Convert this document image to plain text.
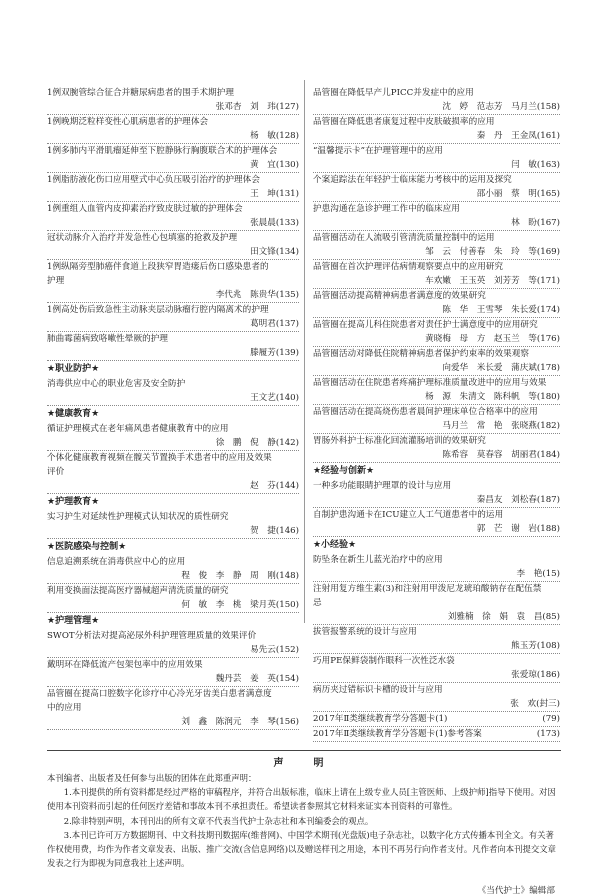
1例双腕管综合征合并糖尿病患者的围手术期护理
张邓杏　刘　玮(127)
1例晚期泛粒样变性心肌病患者的护理体会
杨　敏(128)
1例多肺内平滑肌瘤延伸至下腔静脉行胸腹联合术的护理体会
黄　宜(130)
1例脂肪液化伤口应用壁式中心负压吸引治疗的护理体会
王　坤(131)
1例重组人血管内皮抑素治疗致皮肤过敏的护理体会
张晨晨(133)
冠状动脉介入治疗并发急性心包填塞的抢救及护理
田文锋(134)
1例纵隔旁型肺癌伴食道上段狭窄胃造瘘后伤口感染患者的
护理
李代兆　陈贵华(135)
1例高处伤后致急性主动脉夹层动脉瘤行腔内隔离术的护理
葛明君(137)
肺曲霉菌病致咯嗽性晕厥的护理
滕履芳(139)
★职业防护★
消毒供应中心的职业危害及安全防护
王文艺(140)
★健康教育★
循证护理模式在老年痛风患者健康教育中的应用
徐　鹏　倪　静(142)
个体化健康教育视频在髋关节置换手术患者中的应用及效果
评价
赵　芬(144)
★护理教育★
实习护生对延续性护理模式认知状况的质性研究
贺　捷(146)
★医院感染与控制★
信息追溯系统在消毒供应中心的应用
程　俊　李　静　周　刚(148)
利用变换面法提高医疗器械超声清洗质量的研究
何　敏　李　桃　梁月英(150)
★护理管理★
SWOT分析法对提高泌尿外科护理管理质量的效果评价
易先云(152)
戴明环在降低流产包架包率中的应用效果
魏丹芸　姜　英(154)
品管圈在提高口腔数字化诊疗中心冷光牙齿美白患者满意度
中的应用
刘　鑫　陈润元　李　琴(156)
品管圈在降低早产儿PICC并发症中的应用
沈　婷　范志芳　马月兰(158)
品管圈在降低患者康复过程中皮肤破损率的应用
秦　丹　王金凤(161)
“温馨提示卡”在护理管理中的应用
闫　敏(163)
个案追踪法在年轻护士临床能力考核中的运用及探究
邵小丽　蔡　明(165)
护患沟通在急诊护理工作中的临床应用
林　盼(167)
品管圈活动在人流吸引管清洗质量控制中的运用
邹　云　付善春　朱　玲　等(169)
品管圈在首次护理评估病情观察要点中的应用研究
车欢嫩　王玉英　刘芳芳　等(171)
品管圈活动提高精神病患者满意度的效果研究
陈　华　王雪琴　朱长爱(174)
品管圈在提高儿科住院患者对责任护士满意度中的应用研究
黄晓梅　母　方　赵玉兰　等(176)
品管圈活动对降低住院精神病患者保护约束率的效果观察
向爱华　米长爱　蒲庆斌(178)
品管圈活动在住院患者疼痛护理标准质量改进中的应用与效果
杨　源　朱清文　陈科帆　等(180)
品管圈活动在提高烧伤患者晨间护理床单位合格率中的应用
马月兰　常　艳　张晓燕(182)
胃肠外科护士标准化回流灌肠培训的效果研究
陈希容　莫春容　胡丽君(184)
★经验与创新★
一种多功能眼睛护理罩的设计与应用
秦昌友　刘松春(187)
自制护患沟通卡在ICU建立人工气道患者中的运用
郭　芒　谢　岩(188)
★小经验★
防坠条在新生儿蓝光治疗中的应用
李　艳(15)
注射用复方维生素(3)和注射用甲泼尼龙琥珀酸钠存在配伍禁
忌
刘雅楠　徐　娟　袁　昌(85)
拔管报警系统的设计与应用
熊玉芳(108)
巧用PE保鲜袋制作眼科一次性泛水袋
张爱琼(186)
病历夹过错标识卡槽的设计与应用
张　欢(封三)
2017年Ⅱ类继续教育学分答题卡(1)	(79)
2017年Ⅱ类继续教育学分答题卡(1)参考答案	(173)
声　明

本刊编者、出版者及任何参与出版的团体在此郑重声明：

1.本刊提供的所有资料都是经过严格的审稿程序，并符合出版标准，临床上请在上级专业人员[主管医师、上级护师]指导下使用。对因使用本刊资料而引起的任何医疗差错和事故本刊不承担责任。希望读者参照其它材料来证实本刊资料的可靠性。

2.除非特别声明，本刊刊出的所有文章不代表当代护士杂志社和本刊编委会的观点。

3.本刊已许可万方数据期刊、中文科技期刊数据库(维普网)、中国学术期刊(光盘版)电子杂志社，以数字化方式传播本刊全文。有关著作权使用费，均作为作者文章发表、出版、推广交流(含信息网络)以及赠送样刊之用途，本刊不再另行向作者支付。凡作者向本刊提交文章发表之行为即视为同意我社上述声明。

《当代护士》编辑部
